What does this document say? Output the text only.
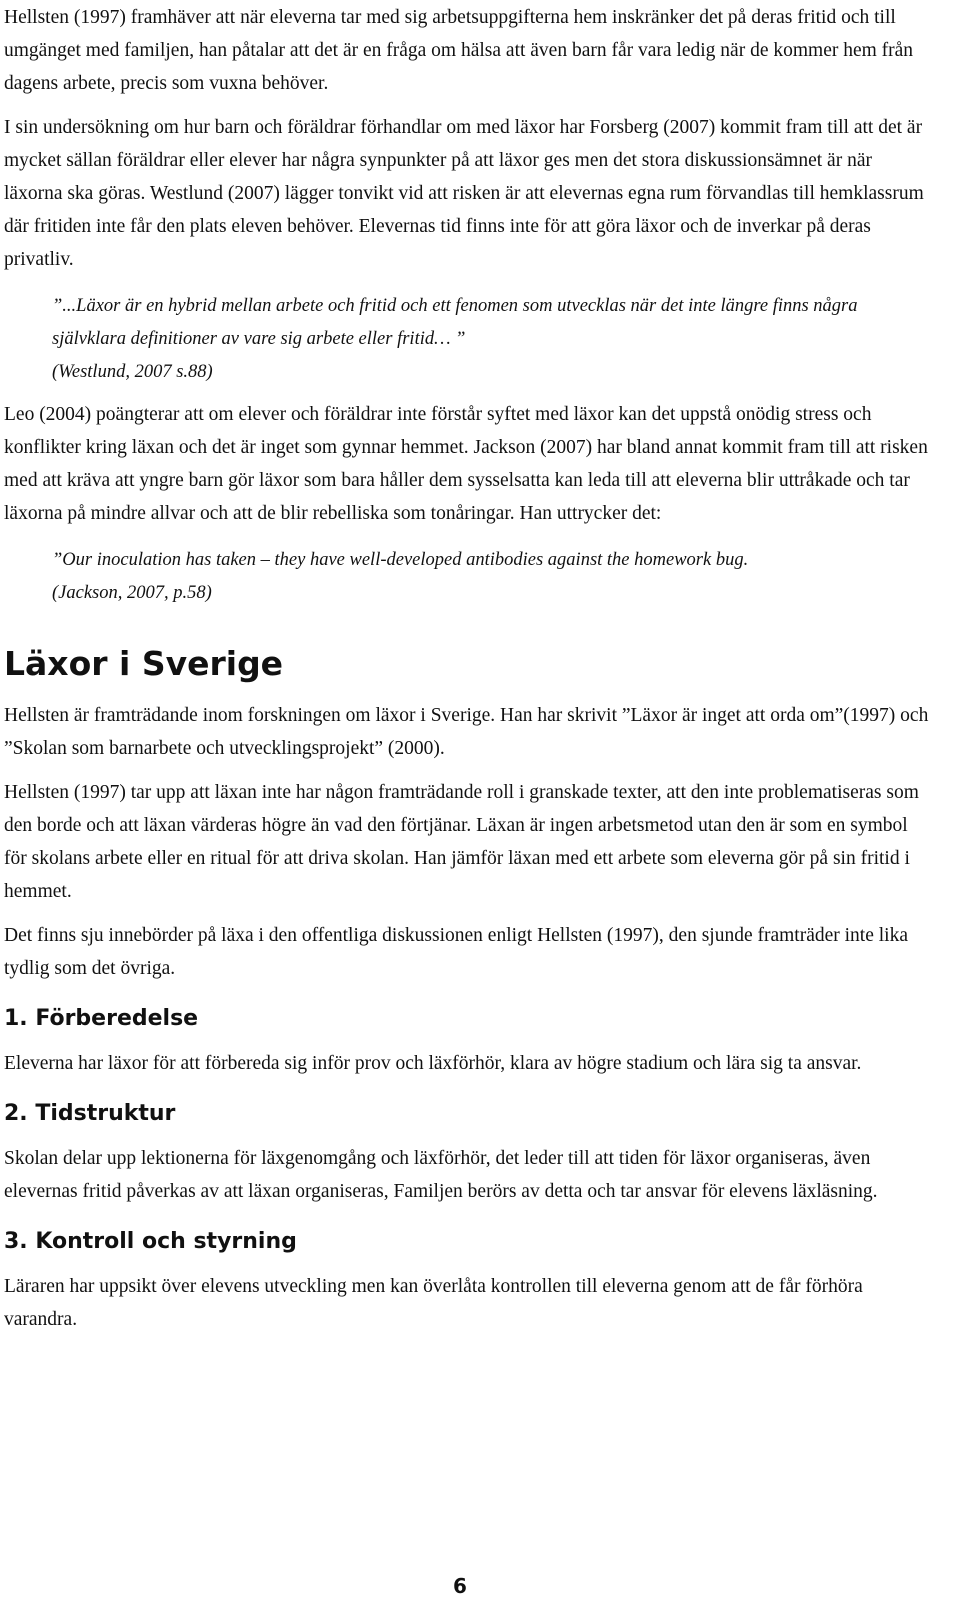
Hellsten (1997) framhäver att när eleverna tar med sig arbetsuppgifterna hem inskränker det på deras fritid och till umgänget med familjen, han påtalar att det är en fråga om hälsa att även barn får vara ledig när de kommer hem från dagens arbete, precis som vuxna behöver.

I sin undersökning om hur barn och föräldrar förhandlar om med läxor har Forsberg (2007) kommit fram till att det är mycket sällan föräldrar eller elever har några synpunkter på att läxor ges men det stora diskussionsämnet är när läxorna ska göras. Westlund (2007) lägger tonvikt vid att risken är att elevernas egna rum förvandlas till hemklassrum där fritiden inte får den plats eleven behöver. Elevernas tid finns inte för att göra läxor och de inverkar på deras privatliv.

”...Läxor är en hybrid mellan arbete och fritid och ett fenomen som utvecklas när det inte längre finns några självklara definitioner av vare sig arbete eller fritid… ”
(Westlund, 2007 s.88)

Leo (2004) poängterar att om elever och föräldrar inte förstår syftet med läxor kan det uppstå onödig stress och konflikter kring läxan och det är inget som gynnar hemmet. Jackson (2007) har bland annat kommit fram till att risken med att kräva att yngre barn gör läxor som bara håller dem sysselsatta kan leda till att eleverna blir uttråkade och tar läxorna på mindre allvar och att de blir rebelliska som tonåringar. Han uttrycker det:

”Our inoculation has taken – they have well-developed antibodies against the homework bug.
(Jackson, 2007, p.58)
Läxor i Sverige

Hellsten är framträdande inom forskningen om läxor i Sverige. Han har skrivit ”Läxor är inget att orda om”(1997) och ”Skolan som barnarbete och utvecklingsprojekt” (2000).

Hellsten (1997) tar upp att läxan inte har någon framträdande roll i granskade texter, att den inte problematiseras som den borde och att läxan värderas högre än vad den förtjänar. Läxan är ingen arbetsmetod utan den är som en symbol för skolans arbete eller en ritual för att driva skolan. Han jämför läxan med ett arbete som eleverna gör på sin fritid i hemmet.

Det finns sju innebörder på läxa i den offentliga diskussionen enligt Hellsten (1997), den sjunde framträder inte lika tydlig som det övriga.

1. Förberedelse

Eleverna har läxor för att förbereda sig inför prov och läxförhör, klara av högre stadium och lära sig ta ansvar.

2. Tidstruktur

Skolan delar upp lektionerna för läxgenomgång och läxförhör, det leder till att tiden för läxor organiseras, även elevernas fritid påverkas av att läxan organiseras, Familjen berörs av detta och tar ansvar för elevens läxläsning.

3. Kontroll och styrning

Läraren har uppsikt över elevens utveckling men kan överlåta kontrollen till eleverna genom att de får förhöra varandra.

6
